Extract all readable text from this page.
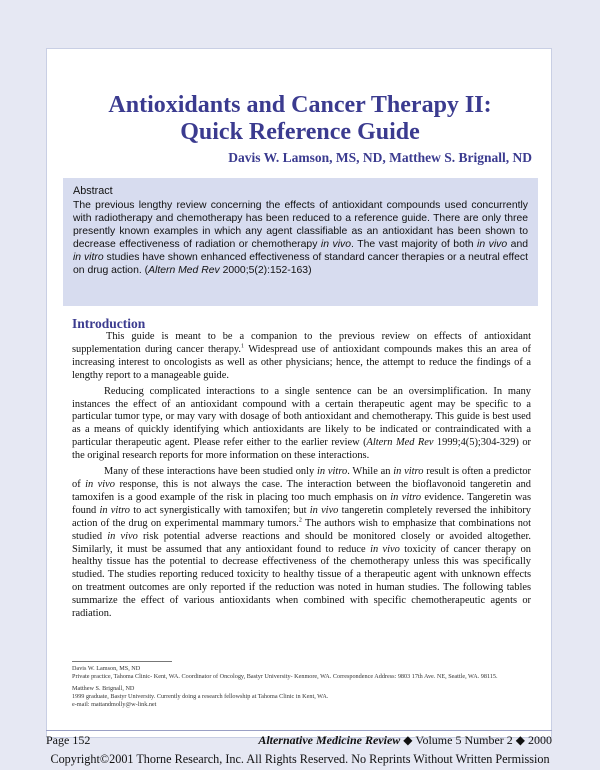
Antioxidants and Cancer Therapy II:
Quick Reference Guide
Davis W. Lamson, MS, ND, Matthew S. Brignall, ND
Abstract
The previous lengthy review concerning the effects of antioxidant compounds used concurrently with radiotherapy and chemotherapy has been reduced to a reference guide. There are only three presently known examples in which any agent classifiable as an antioxidant has been shown to decrease effectiveness of radiation or chemotherapy in vivo. The vast majority of both in vivo and in vitro studies have shown enhanced effectiveness of standard cancer therapies or a neutral effect on drug action. (Altern Med Rev 2000;5(2):152-163)
Introduction

This guide is meant to be a companion to the previous review on effects of antioxidant supplementation during cancer therapy.$^1$ Widespread use of antioxidant compounds makes this an area of increasing interest to oncologists as well as other physicians; hence, the attempt to reduce the findings of a lengthy report to a manageable guide.

Reducing complicated interactions to a single sentence can be an oversimplification. In many instances the effect of an antioxidant compound with a certain therapeutic agent may be specific to a particular tumor type, or may vary with dosage of both antioxidant and chemotherapy. This guide is best used as a means of quickly identifying which antioxidants are likely to be indicated or contraindicated with a particular therapeutic agent. Please refer either to the earlier review (Altern Med Rev 1999;4(5);304-329) or the original research reports for more information on these interactions.

Many of these interactions have been studied only in vitro. While an in vitro result is often a predictor of in vivo response, this is not always the case. The interaction between the bioflavonoid tangeretin and tamoxifen is a good example of the risk in placing too much emphasis on in vitro evidence. Tangeretin was found in vitro to act synergistically with tamoxifen; but in vivo tangeretin completely reversed the inhibitory action of the drug on experimental mammary tumors.$^2$ The authors wish to emphasize that combinations not studied in vivo risk potential adverse reactions and should be monitored closely or avoided altogether. Similarly, it must be assumed that any antioxidant found to reduce in vivo toxicity of cancer therapy on healthy tissue has the potential to decrease effectiveness of the chemotherapy unless this was specifically studied. The studies reporting reduced toxicity to healthy tissue of a therapeutic agent with unknown effects on treatment outcomes are only reported if the reduction was noted in human studies. The following tables summarize the effect of various antioxidants when combined with specific chemotherapeutic agents or radiation.

Davis W. Lamson, MS, ND
Private practice, Tahoma Clinic- Kent, WA. Coordinator of Oncology, Bastyr University- Kenmore, WA. Correspondence Address: 9803 17th Ave. NE, Seattle, WA. 98115.
Matthew S. Brignall, ND
1999 graduate, Bastyr University. Currently doing a research fellowship at Tahoma Clinic in Kent, WA.
e-mail: mattandmolly@w-link.net
Page 152	Alternative Medicine Review ◆ Volume 5 Number 2 ◆ 2000
Copyright©2001 Thorne Research, Inc. All Rights Reserved. No Reprints Without Written Permission
